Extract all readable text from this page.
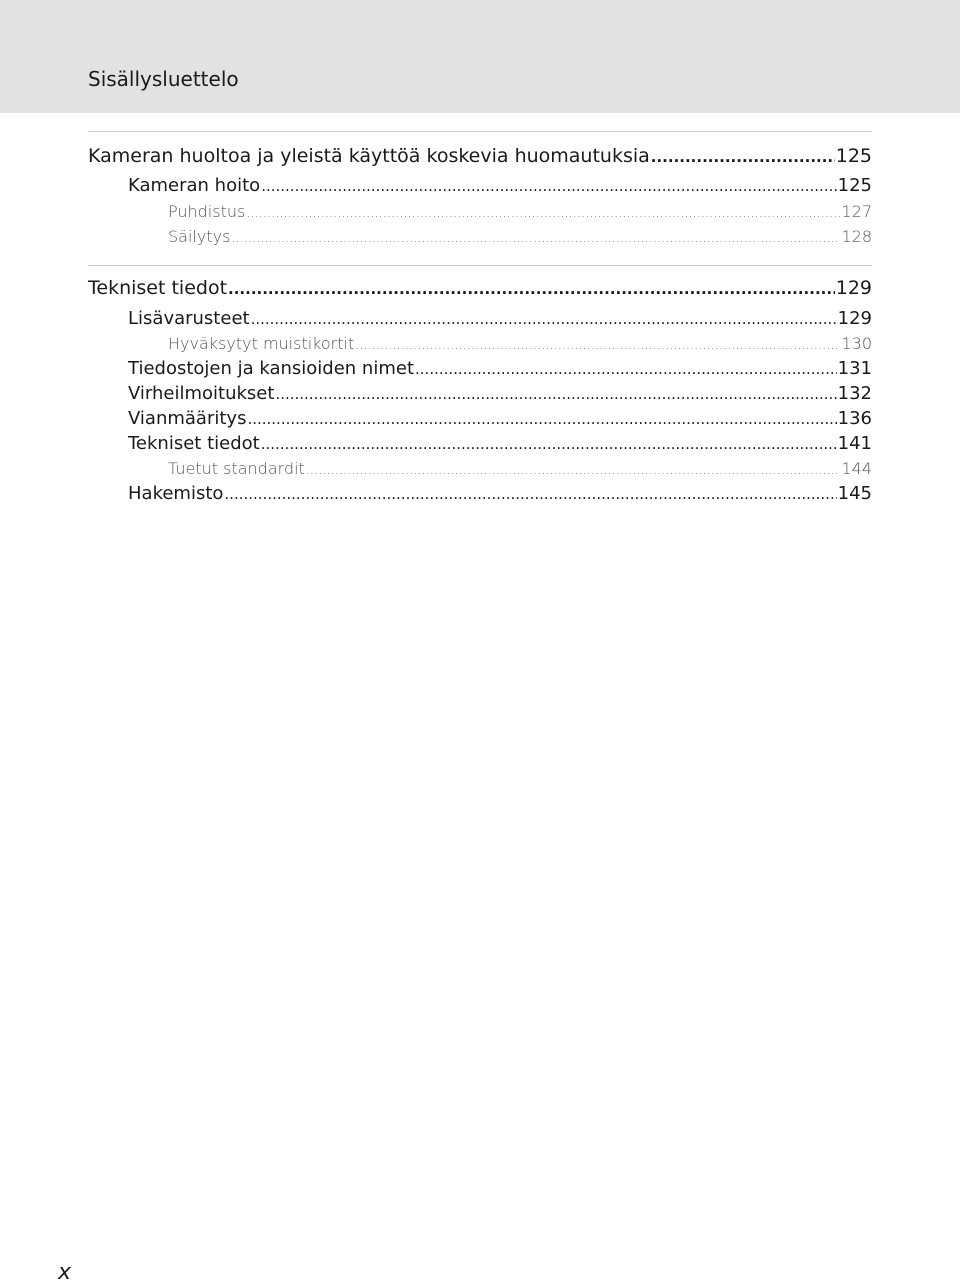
Sisällysluettelo
Kameran huoltoa ja yleistä käyttöä koskevia huomautuksia .....	125
Kameran hoito .....	125
Puhdistus .....	127
Säilytys .....	128
Tekniset tiedot .....	129
Lisävarusteet .....	129
Hyväksytyt muistikortit .....	130
Tiedostojen ja kansioiden nimet .....	131
Virheilmoitukset .....	132
Vianmääritys .....	136
Tekniset tiedot .....	141
Tuetut standardit .....	144
Hakemisto .....	145
x
